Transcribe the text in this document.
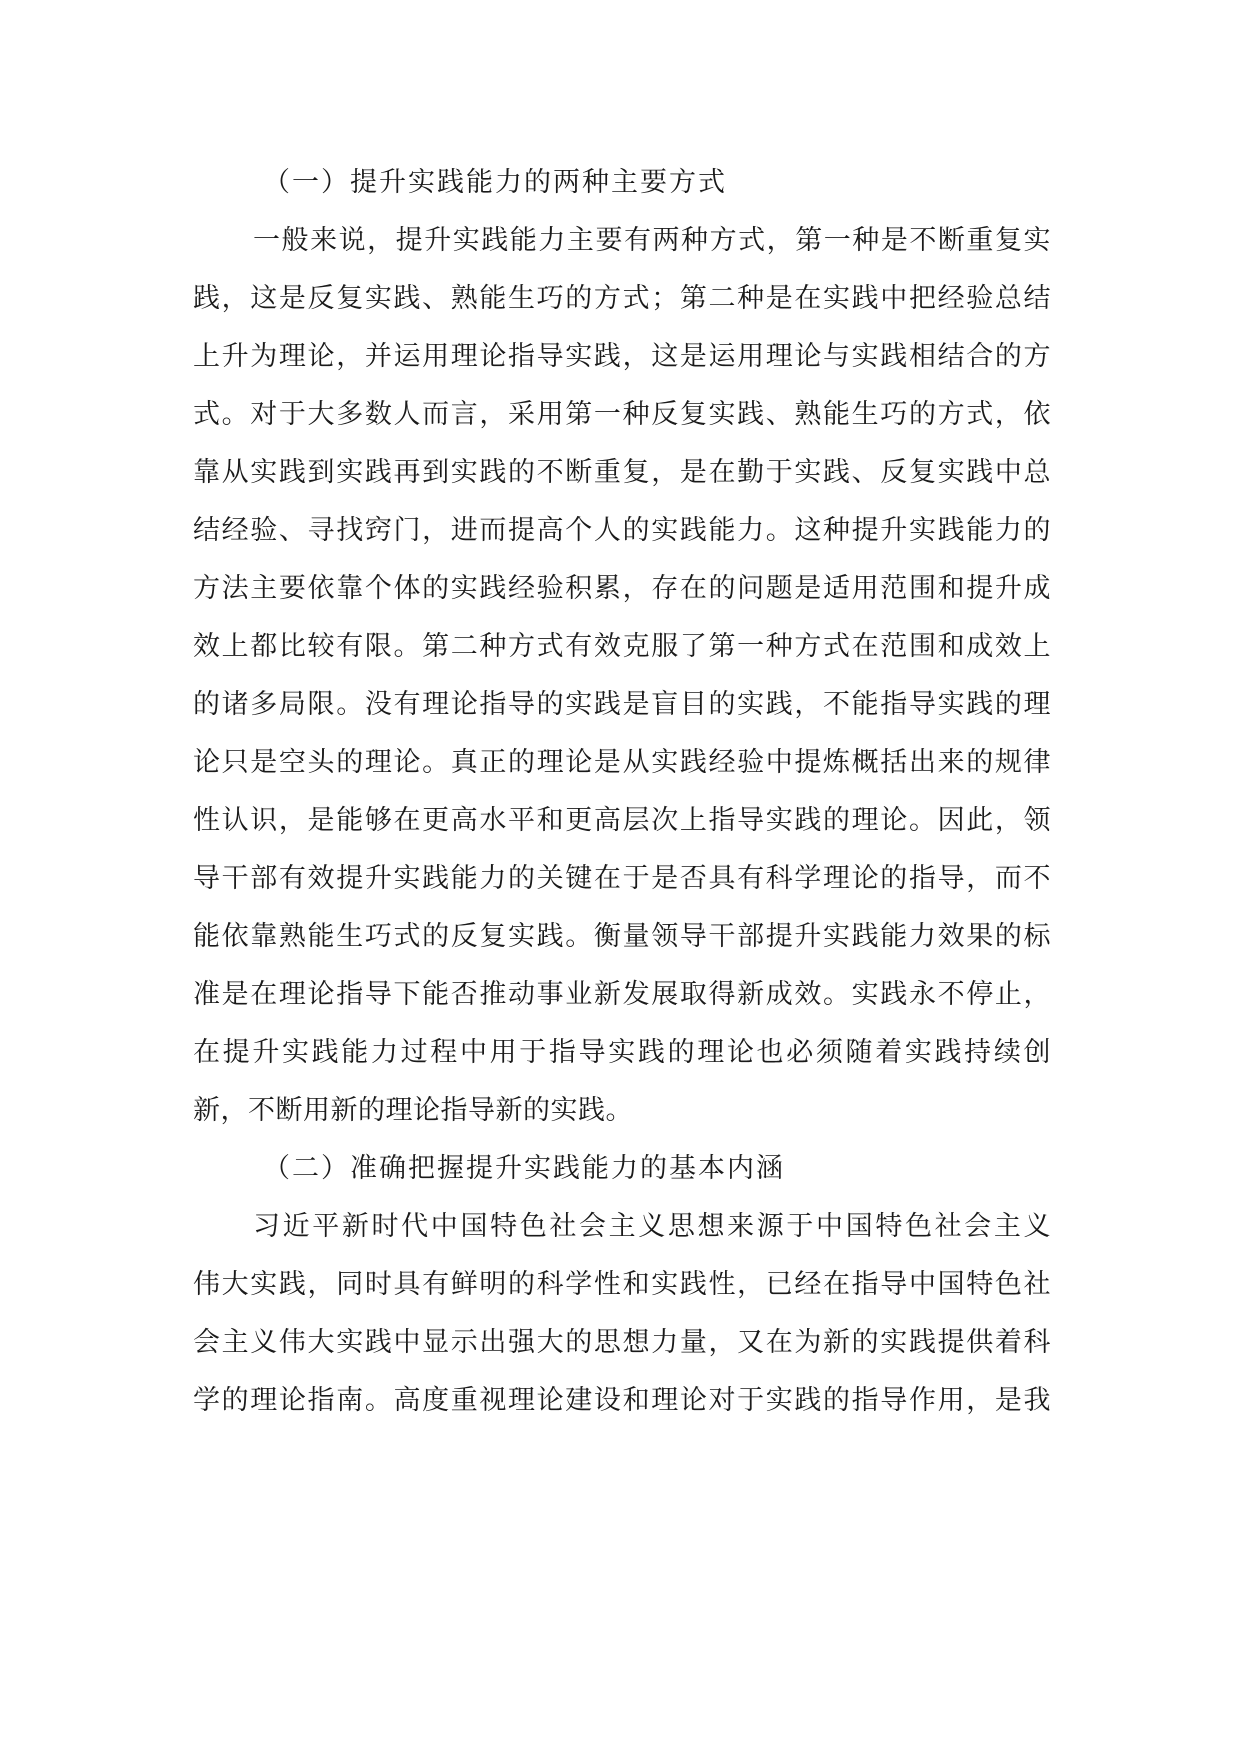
（一）提升实践能力的两种主要方式
一般来说，提升实践能力主要有两种方式，第一种是不断重复实
践，这是反复实践、熟能生巧的方式；第二种是在实践中把经验总结
上升为理论，并运用理论指导实践，这是运用理论与实践相结合的方
式。对于大多数人而言，采用第一种反复实践、熟能生巧的方式，依
靠从实践到实践再到实践的不断重复，是在勤于实践、反复实践中总
结经验、寻找窍门，进而提高个人的实践能力。这种提升实践能力的
方法主要依靠个体的实践经验积累，存在的问题是适用范围和提升成
效上都比较有限。第二种方式有效克服了第一种方式在范围和成效上
的诸多局限。没有理论指导的实践是盲目的实践，不能指导实践的理
论只是空头的理论。真正的理论是从实践经验中提炼概括出来的规律
性认识，是能够在更高水平和更高层次上指导实践的理论。因此，领
导干部有效提升实践能力的关键在于是否具有科学理论的指导，而不
能依靠熟能生巧式的反复实践。衡量领导干部提升实践能力效果的标
准是在理论指导下能否推动事业新发展取得新成效。实践永不停止，
在提升实践能力过程中用于指导实践的理论也必须随着实践持续创
新，不断用新的理论指导新的实践。
（二）准确把握提升实践能力的基本内涵
习近平新时代中国特色社会主义思想来源于中国特色社会主义
伟大实践，同时具有鲜明的科学性和实践性，已经在指导中国特色社
会主义伟大实践中显示出强大的思想力量，又在为新的实践提供着科
学的理论指南。高度重视理论建设和理论对于实践的指导作用，是我
